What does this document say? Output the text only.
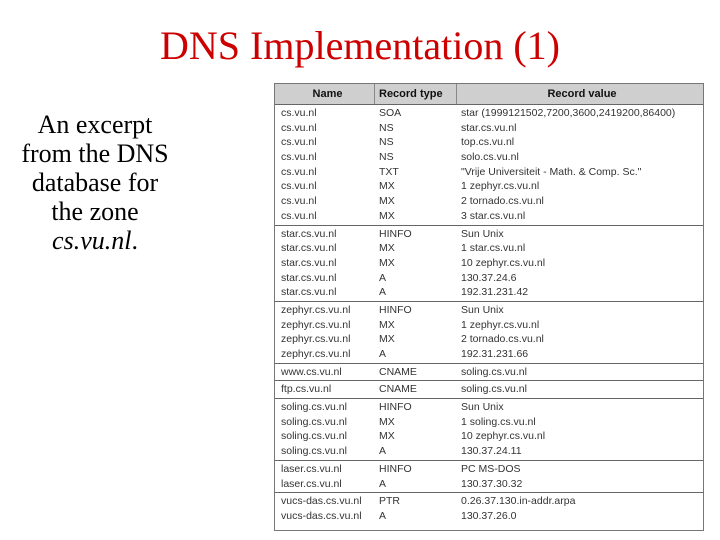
DNS Implementation (1)
An excerpt from the DNS database for the zone cs.vu.nl.
Name	Record type	Record value
cs.vu.nl	SOA	star (1999121502,7200,3600,2419200,86400)
cs.vu.nl	NS	star.cs.vu.nl
cs.vu.nl	NS	top.cs.vu.nl
cs.vu.nl	NS	solo.cs.vu.nl
cs.vu.nl	TXT	"Vrije Universiteit - Math. & Comp. Sc."
cs.vu.nl	MX	1 zephyr.cs.vu.nl
cs.vu.nl	MX	2 tornado.cs.vu.nl
cs.vu.nl	MX	3 star.cs.vu.nl
star.cs.vu.nl	HINFO	Sun Unix
star.cs.vu.nl	MX	1 star.cs.vu.nl
star.cs.vu.nl	MX	10 zephyr.cs.vu.nl
star.cs.vu.nl	A	130.37.24.6
star.cs.vu.nl	A	192.31.231.42
zephyr.cs.vu.nl	HINFO	Sun Unix
zephyr.cs.vu.nl	MX	1 zephyr.cs.vu.nl
zephyr.cs.vu.nl	MX	2 tornado.cs.vu.nl
zephyr.cs.vu.nl	A	192.31.231.66
www.cs.vu.nl	CNAME	soling.cs.vu.nl
ftp.cs.vu.nl	CNAME	soling.cs.vu.nl
soling.cs.vu.nl	HINFO	Sun Unix
soling.cs.vu.nl	MX	1 soling.cs.vu.nl
soling.cs.vu.nl	MX	10 zephyr.cs.vu.nl
soling.cs.vu.nl	A	130.37.24.11
laser.cs.vu.nl	HINFO	PC MS-DOS
laser.cs.vu.nl	A	130.37.30.32
vucs-das.cs.vu.nl	PTR	0.26.37.130.in-addr.arpa
vucs-das.cs.vu.nl	A	130.37.26.0
